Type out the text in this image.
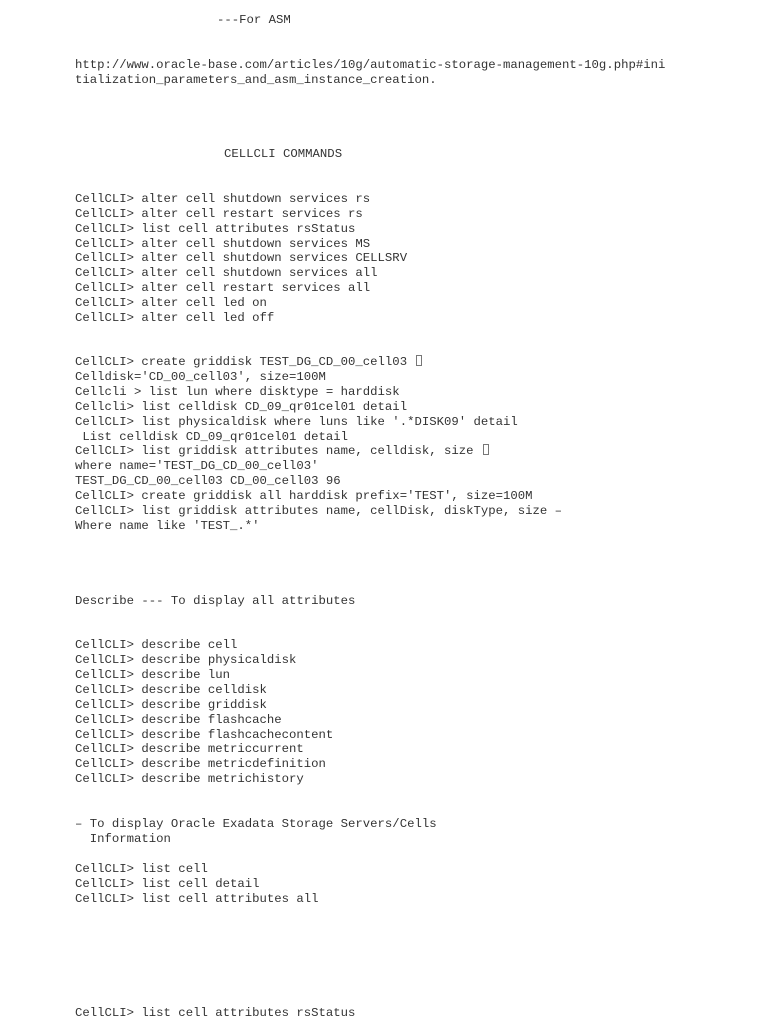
---For ASM

http://www.oracle-base.com/articles/10g/automatic-storage-management-10g.php#ini

tialization_parameters_and_asm_instance_creation.

CELLCLI COMMANDS

CellCLI> alter cell shutdown services rs

CellCLI> alter cell restart services rs

CellCLI> list cell attributes rsStatus

CellCLI> alter cell shutdown services MS

CellCLI> alter cell shutdown services CELLSRV

CellCLI> alter cell shutdown services all

CellCLI> alter cell restart services all

CellCLI> alter cell led on

CellCLI> alter cell led off

CellCLI> create griddisk TEST_DG_CD_00_cell03

Celldisk='CD_00_cell03', size=100M

Cellcli > list lun where disktype = harddisk

Cellcli> list celldisk CD_09_qr01cel01 detail

CellCLI> list physicaldisk where luns like '.*DISK09' detail

List celldisk CD_09_qr01cel01 detail

CellCLI> list griddisk attributes name, celldisk, size

where name='TEST_DG_CD_00_cell03'

TEST_DG_CD_00_cell03 CD_00_cell03 96

CellCLI> create griddisk all harddisk prefix='TEST', size=100M

CellCLI> list griddisk attributes name, cellDisk, diskType, size –

Where name like 'TEST_.*'

Describe --- To display all attributes

CellCLI> describe cell

CellCLI> describe physicaldisk

CellCLI> describe lun

CellCLI> describe celldisk

CellCLI> describe griddisk

CellCLI> describe flashcache

CellCLI> describe flashcachecontent

CellCLI> describe metriccurrent

CellCLI> describe metricdefinition

CellCLI> describe metrichistory

– To display Oracle Exadata Storage Servers/Cells

Information

CellCLI> list cell

CellCLI> list cell detail

CellCLI> list cell attributes all

CellCLI> list cell attributes rsStatus
